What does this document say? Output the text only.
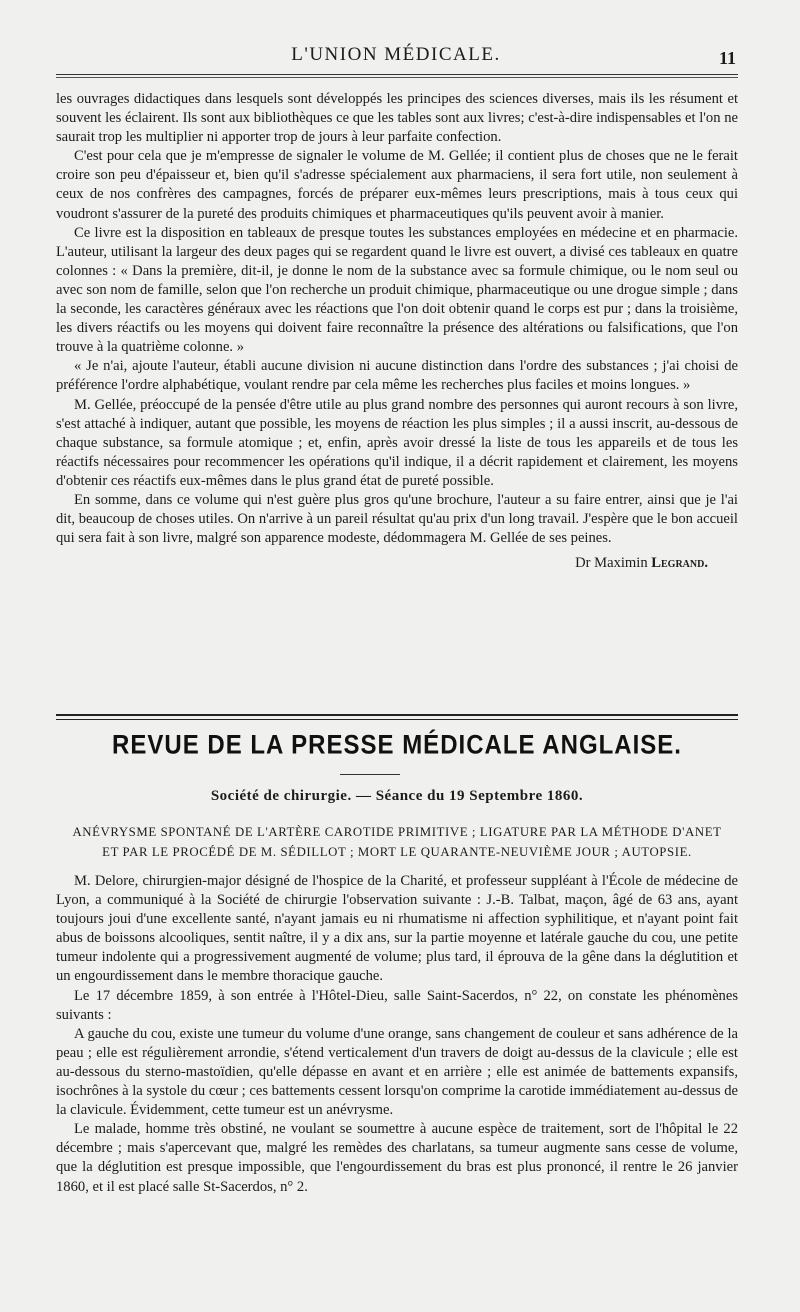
L'UNION MÉDICALE.	11

les ouvrages didactiques dans lesquels sont développés les principes des sciences diverses, mais ils les résument et souvent les éclairent. Ils sont aux bibliothèques ce que les tables sont aux livres; c'est-à-dire indispensables et l'on ne saurait trop les multiplier ni apporter trop de jours à leur parfaite confection.

C'est pour cela que je m'empresse de signaler le volume de M. Gellée; il contient plus de choses que ne le ferait croire son peu d'épaisseur et, bien qu'il s'adresse spécialement aux pharmaciens, il sera fort utile, non seulement à ceux de nos confrères des campagnes, forcés de préparer eux-mêmes leurs prescriptions, mais à tous ceux qui voudront s'assurer de la pureté des produits chimiques et pharmaceutiques qu'ils peuvent avoir à manier.

Ce livre est la disposition en tableaux de presque toutes les substances employées en médecine et en pharmacie. L'auteur, utilisant la largeur des deux pages qui se regardent quand le livre est ouvert, a divisé ces tableaux en quatre colonnes : « Dans la première, dit-il, je donne le nom de la substance avec sa formule chimique, ou le nom seul ou avec son nom de famille, selon que l'on recherche un produit chimique, pharmaceutique ou une drogue simple ; dans la seconde, les caractères généraux avec les réactions que l'on doit obtenir quand le corps est pur ; dans la troisième, les divers réactifs ou les moyens qui doivent faire reconnaître la présence des altérations ou falsifications, que l'on trouve à la quatrième colonne. »

« Je n'ai, ajoute l'auteur, établi aucune division ni aucune distinction dans l'ordre des substances ; j'ai choisi de préférence l'ordre alphabétique, voulant rendre par cela même les recherches plus faciles et moins longues. »

M. Gellée, préoccupé de la pensée d'être utile au plus grand nombre des personnes qui auront recours à son livre, s'est attaché à indiquer, autant que possible, les moyens de réaction les plus simples ; il a aussi inscrit, au-dessous de chaque substance, sa formule atomique ; et, enfin, après avoir dressé la liste de tous les appareils et de tous les réactifs nécessaires pour recommencer les opérations qu'il indique, il a décrit rapidement et clairement, les moyens d'obtenir ces réactifs eux-mêmes dans le plus grand état de pureté possible.

En somme, dans ce volume qui n'est guère plus gros qu'une brochure, l'auteur a su faire entrer, ainsi que je l'ai dit, beaucoup de choses utiles. On n'arrive à un pareil résultat qu'au prix d'un long travail. J'espère que le bon accueil qui sera fait à son livre, malgré son apparence modeste, dédommagera M. Gellée de ses peines.

Dr Maximin Legrand.
REVUE DE LA PRESSE MÉDICALE ANGLAISE.
Société de chirurgie. — Séance du 19 Septembre 1860.
ANÉVRYSME SPONTANÉ DE L'ARTÈRE CAROTIDE PRIMITIVE ; LIGATURE PAR LA MÉTHODE D'ANET
ET PAR LE PROCÉDÉ DE M. SÉDILLOT ; MORT LE QUARANTE-NEUVIÈME JOUR ; AUTOPSIE.

M. Delore, chirurgien-major désigné de l'hospice de la Charité, et professeur suppléant à l'École de médecine de Lyon, a communiqué à la Société de chirurgie l'observation suivante : J.-B. Talbat, maçon, âgé de 63 ans, ayant toujours joui d'une excellente santé, n'ayant jamais eu ni rhumatisme ni affection syphilitique, et n'ayant point fait abus de boissons alcooliques, sentit naître, il y a dix ans, sur la partie moyenne et latérale gauche du cou, une petite tumeur indolente qui a progressivement augmenté de volume; plus tard, il éprouva de la gêne dans la déglutition et un engourdissement dans le membre thoracique gauche.

Le 17 décembre 1859, à son entrée à l'Hôtel-Dieu, salle Saint-Sacerdos, n° 22, on constate les phénomènes suivants :

A gauche du cou, existe une tumeur du volume d'une orange, sans changement de couleur et sans adhérence de la peau ; elle est régulièrement arrondie, s'étend verticalement d'un travers de doigt au-dessus de la clavicule ; elle est au-dessous du sterno-mastoïdien, qu'elle dépasse en avant et en arrière ; elle est animée de battements expansifs, isochrônes à la systole du cœur ; ces battements cessent lorsqu'on comprime la carotide immédiatement au-dessus de la clavicule. Évidemment, cette tumeur est un anévrysme.

Le malade, homme très obstiné, ne voulant se soumettre à aucune espèce de traitement, sort de l'hôpital le 22 décembre ; mais s'apercevant que, malgré les remèdes des charlatans, sa tumeur augmente sans cesse de volume, que la déglutition est presque impossible, que l'engourdissement du bras est plus prononcé, il rentre le 26 janvier 1860, et il est placé salle St-Sacerdos, n° 2.
